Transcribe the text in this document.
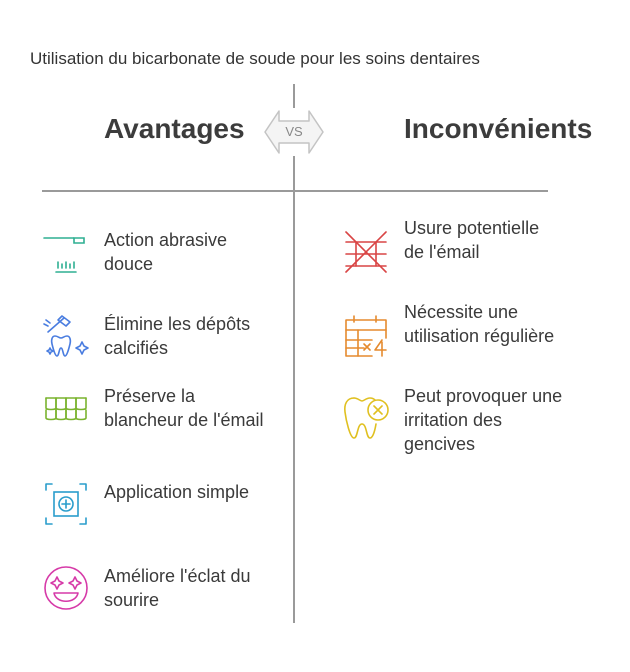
Utilisation du bicarbonate de soude pour les soins dentaires
Avantages	Inconvénients
VS
Action abrasive douce
Élimine les dépôts calcifiés
Préserve la blancheur de l'émail
Application simple
Améliore l'éclat du sourire
Usure potentielle de l'émail
Nécessite une utilisation régulière
Peut provoquer une irritation des gencives
